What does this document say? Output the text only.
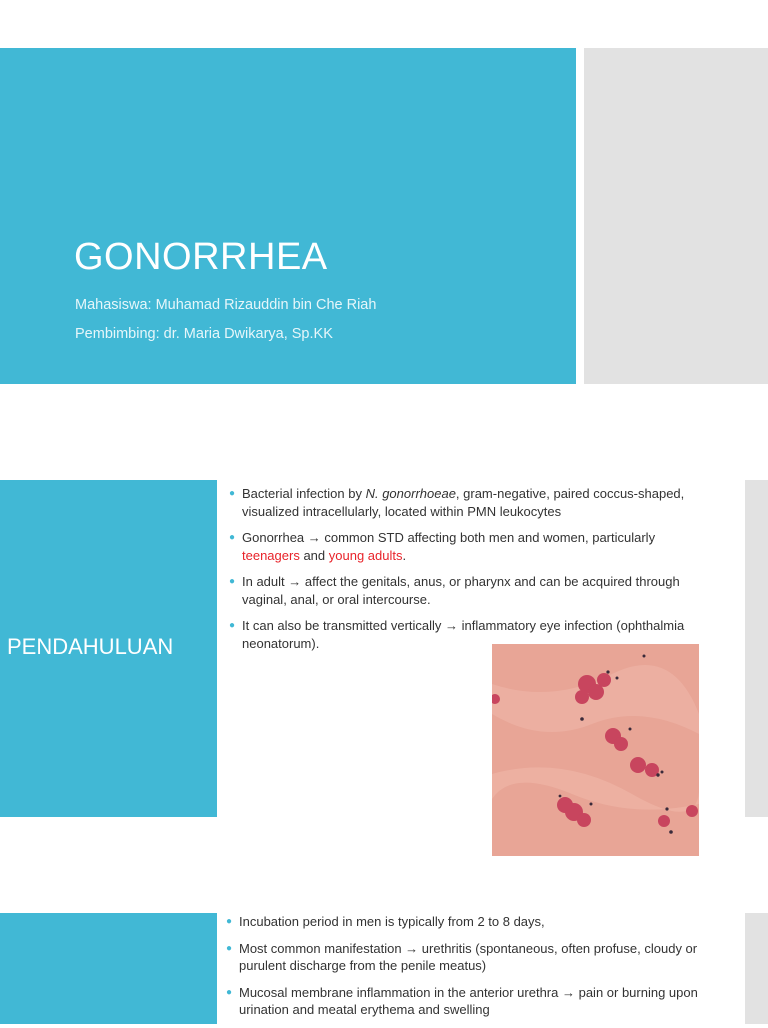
GONORRHEA
Mahasiswa: Muhamad Rizauddin bin Che Riah
Pembimbing: dr. Maria Dwikarya, Sp.KK
PENDAHULUAN
● Bacterial infection by N. gonorrhoeae, gram-negative, paired coccus-shaped, visualized intracellularly, located within PMN leukocytes
● Gonorrhea → common STD affecting both men and women, particularly teenagers and young adults.
● In adult → affect the genitals, anus, or pharynx and can be acquired through vaginal, anal, or oral intercourse.
● It can also be transmitted vertically → inflammatory eye infection (ophthalmia neonatorum).
● Incubation period in men is typically from 2 to 8 days,
● Most common manifestation → urethritis (spontaneous, often profuse, cloudy or purulent discharge from the penile meatus)
● Mucosal membrane inflammation in the anterior urethra → pain or burning upon urination and meatal erythema and swelling
